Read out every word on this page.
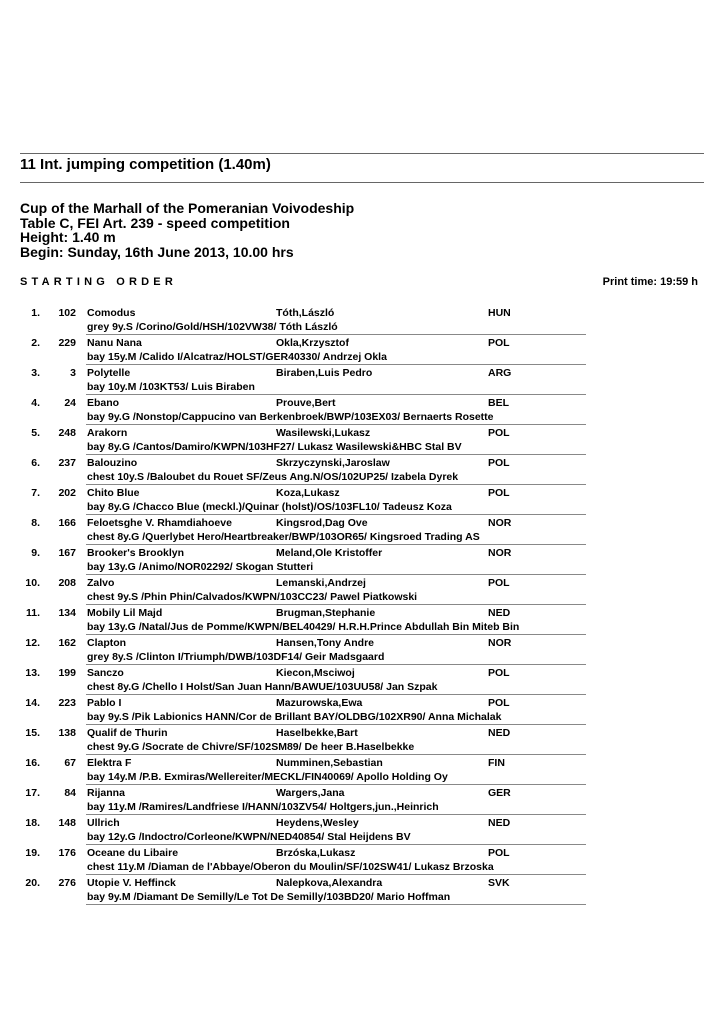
11 Int. jumping competition (1.40m)
Cup of the Marhall of the Pomeranian Voivodeship
Table C, FEI Art. 239 - speed competition
Height: 1.40 m
Begin: Sunday, 16th June 2013, 10.00 hrs
STARTING ORDER	Print time: 19:59 h
1. 102 Comodus	Tóth,László	HUN
grey 9y.S /Corino/Gold/HSH/102VW38/ Tóth László
2. 229 Nanu Nana	Okla,Krzysztof	POL
bay 15y.M /Calido I/Alcatraz/HOLST/GER40330/ Andrzej Okla
3.	3 Polytelle	Biraben,Luis Pedro	ARG
bay 10y.M /103KT53/ Luis Biraben
4. 24 Ebano	Prouve,Bert	BEL
bay 9y.G /Nonstop/Cappucino van Berkenbroek/BWP/103EX03/ Bernaerts Rosette
5. 248 Arakorn	Wasilewski,Lukasz	POL
bay 8y.G /Cantos/Damiro/KWPN/103HF27/ Lukasz Wasilewski&HBC Stal BV
6. 237 Balouzino	Skrzyczynski,Jaroslaw	POL
chest 10y.S /Baloubet du Rouet SF/Zeus Ang.N/OS/102UP25/ Izabela Dyrek
7. 202 Chito Blue	Koza,Lukasz	POL
bay 8y.G /Chacco Blue (meckl.)/Quinar (holst)/OS/103FL10/ Tadeusz Koza
8. 166 Feloetsghe V. Rhamdiahoeve	Kingsrod,Dag Ove	NOR
chest 8y.G /Querlybet Hero/Heartbreaker/BWP/103OR65/ Kingsroed Trading AS
9. 167 Brooker's Brooklyn	Meland,Ole Kristoffer	NOR
bay 13y.G /Animo/NOR02292/ Skogan Stutteri
10. 208 Zalvo	Lemanski,Andrzej	POL
chest 9y.S /Phin Phin/Calvados/KWPN/103CC23/ Pawel Piatkowski
11. 134 Mobily Lil Majd	Brugman,Stephanie	NED
bay 13y.G /Natal/Jus de Pomme/KWPN/BEL40429/ H.R.H.Prince Abdullah Bin Miteb Bin
12. 162 Clapton	Hansen,Tony Andre	NOR
grey 8y.S /Clinton I/Triumph/DWB/103DF14/ Geir Madsgaard
13. 199 Sanczo	Kiecon,Msciwoj	POL
chest 8y.G /Chello I Holst/San Juan Hann/BAWUE/103UU58/ Jan Szpak
14. 223 Pablo I	Mazurowska,Ewa	POL
bay 9y.S /Pik Labionics HANN/Cor de Brillant BAY/OLDBG/102XR90/ Anna Michalak
15. 138 Qualif de Thurin	Haselbekke,Bart	NED
chest 9y.G /Socrate de Chivre/SF/102SM89/ De heer B.Haselbekke
16. 67 Elektra F	Numminen,Sebastian	FIN
bay 14y.M /P.B. Exmiras/Wellereiter/MECKL/FIN40069/ Apollo Holding Oy
17. 84 Rijanna	Wargers,Jana	GER
bay 11y.M /Ramires/Landfriese I/HANN/103ZV54/ Holtgers,jun.,Heinrich
18. 148 Ullrich	Heydens,Wesley	NED
bay 12y.G /Indoctro/Corleone/KWPN/NED40854/ Stal Heijdens BV
19. 176 Oceane du Libaire	Brzóska,Lukasz	POL
chest 11y.M /Diaman de l'Abbaye/Oberon du Moulin/SF/102SW41/ Lukasz Brzoska
20. 276 Utopie V. Heffinck	Nalepkova,Alexandra	SVK
bay 9y.M /Diamant De Semilly/Le Tot De Semilly/103BD20/ Mario Hoffman
